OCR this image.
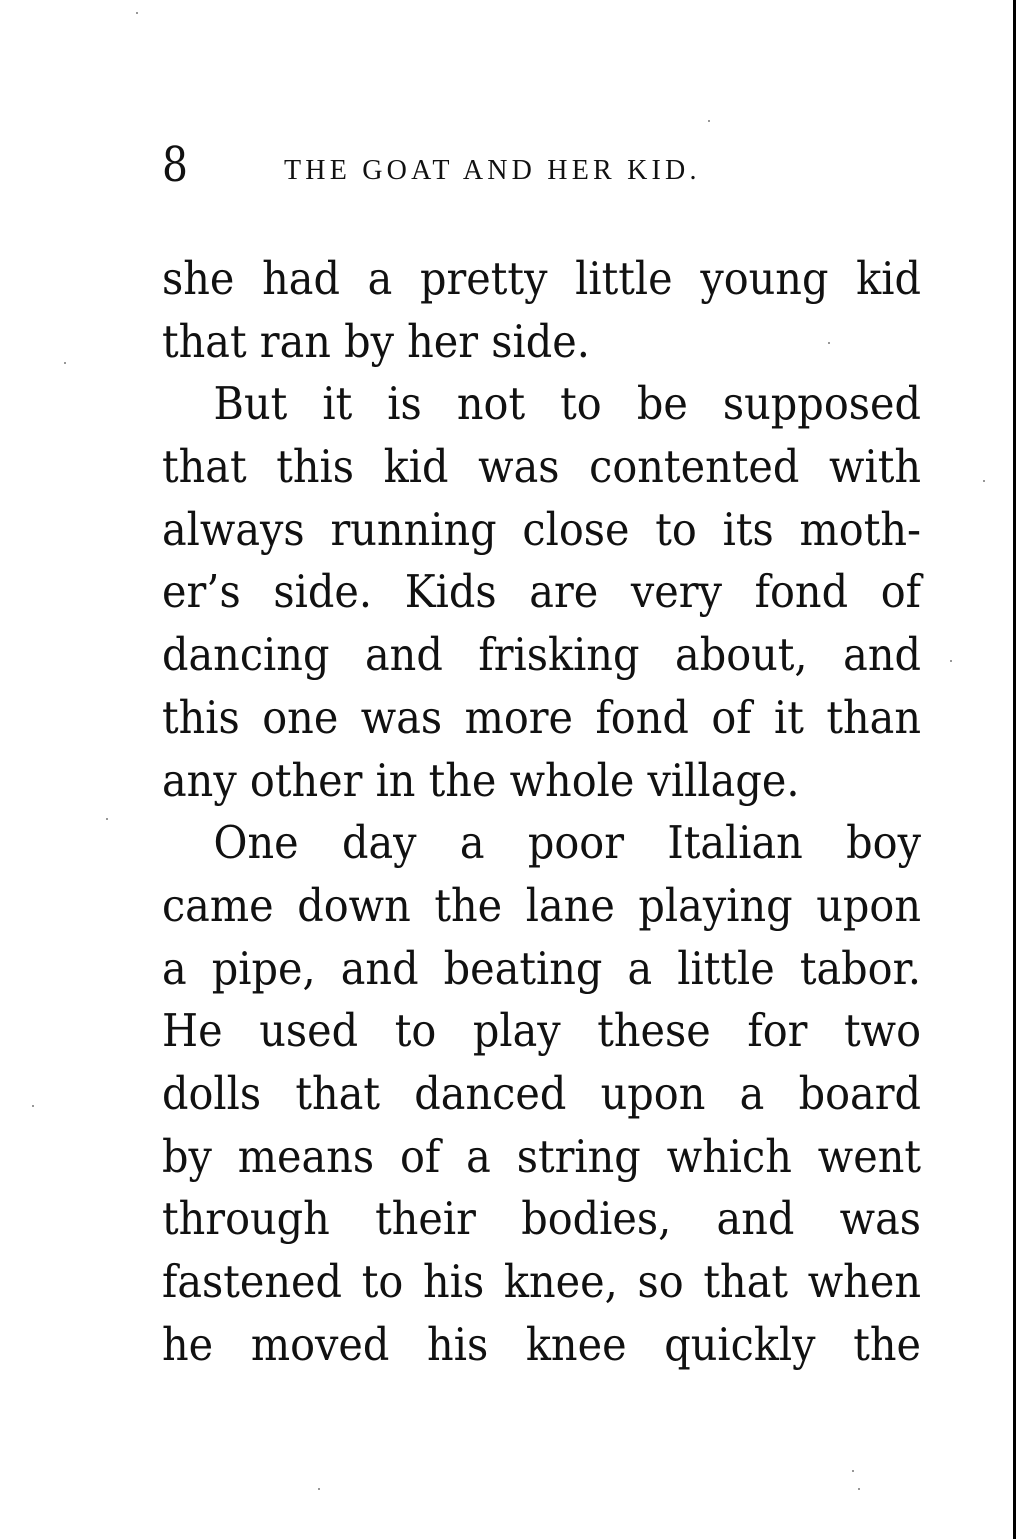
8	THE GOAT AND HER KID.
she had a pretty little young kid
that ran by her side.
But it is not to be supposed
that this kid was contented with
always running close to its moth-
er’s side. Kids are very fond of
dancing and frisking about, and
this one was more fond of it than
any other in the whole village.
One day a poor Italian boy
came down the lane playing upon
a pipe, and beating a little tabor.
He used to play these for two
dolls that danced upon a board
by means of a string which went
through their bodies, and was
fastened to his knee, so that when
he moved his knee quickly the
